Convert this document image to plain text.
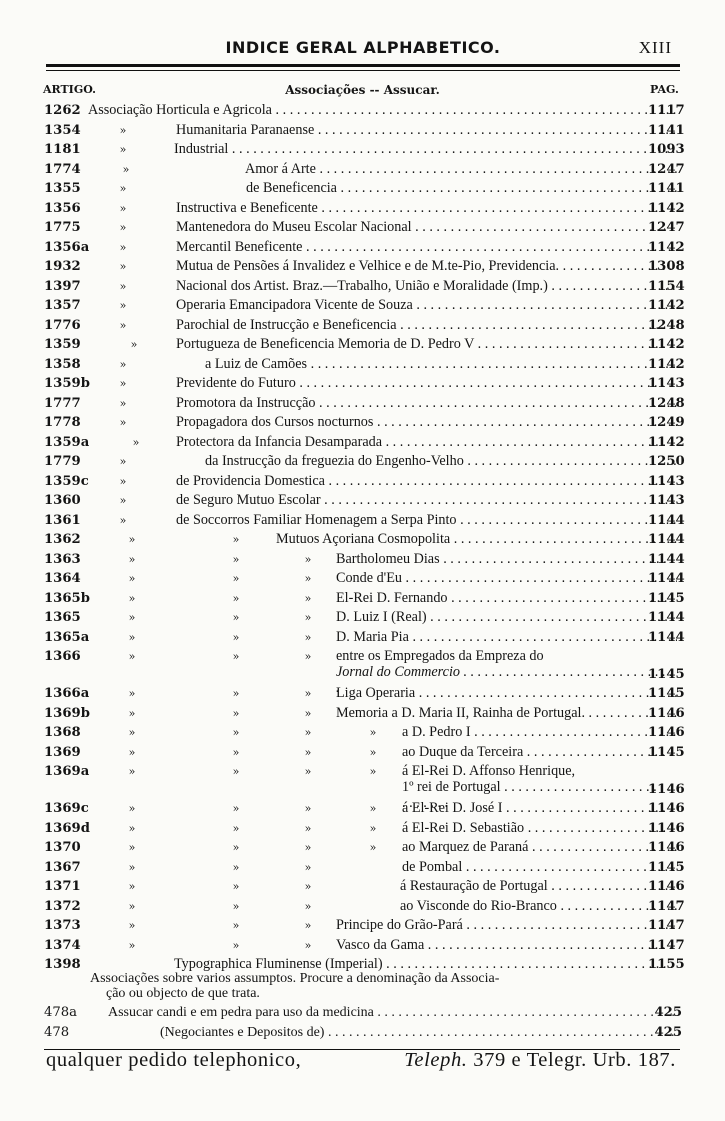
INDICE GERAL ALPHABETICO.	XIII
Associações -- Assucar.
ARTIGO.	PAG.
1262 Associação Horticula e Agricola . . .	1117
1354	»	Humanitaria Paranaense . . .	1141
1181	»	Industrial . . .	1093
1774	»	Amor á Arte . . .	1247
1355	»	de Beneficencia . . .	1141
1356	»	Instructiva e Beneficente . . .	1142
1775	»	Mantenedora do Museu Escolar Nacional . . .	1247
1356a	»	Mercantil Beneficente . . .	1142
1932	»	Mutua de Pensões á Invalidez e Velhice e de M.te-Pio, Previdencia. . . .	1308
1397	»	Nacional dos Artist. Braz.—Trabalho, União e Moralidade (Imp.) . . .	1154
1357	»	Operaria Emancipadora Vicente de Souza . . .	1142
1776	»	Parochial de Instrucção e Beneficencia . . .	1248
1359	»	Portugueza de Beneficencia Memoria de D. Pedro V . . .	1142
1358	»	a Luiz de Camões . . .	1142
1359b	»	Previdente do Futuro . . .	1143
1777	»	Promotora da Instrucção . . .	1248
1778	»	Propagadora dos Cursos nocturnos . . .	1249
1359a	»	Protectora da Infancia Desamparada . . .	1142
1779	»	da Instrucção da freguezia do Engenho-Velho . . .	1250
1359c	»	de Providencia Domestica . . .	1143
1360	»	de Seguro Mutuo Escolar . . .	1143
1361	»	de Soccorros Familiar Homenagem a Serpa Pinto . . .	1144
1362	»	»	Mutuos Açoriana Cosmopolita . . .	1144
1363	»	»	»	Bartholomeu Dias . . .	1144
1364	»	»	»	Conde d'Eu . . .	1144
1365b	»	»	»	El-Rei D. Fernando . . .	1145
1365	»	»	»	D. Luiz I (Real) . . .	1144
1365a	»	»	»	D. Maria Pia . . .	1144
1366	»	»	»	entre os Empregados da Empreza do
Jornal do Commercio . . .	1145
1366a	»	»	»	Liga Operaria . . .	1145
1369b	»	»	»	Memoria a D. Maria II, Rainha de Portugal. . . .	1146
1368	»	»	»	»	a D. Pedro I . . .	1146
1369	»	»	»	»	ao Duque da Terceira . . .	1145
1369a	»	»	»	»	á El-Rei D. Affonso Henrique,
1º rei de Portugal . . .	1146
1369c	»	»	»	»	á El-Rei D. José I . . .	1146
1369d	»	»	»	»	á El-Rei D. Sebastião . . .	1146
1370	»	»	»	»	ao Marquez de Paraná . . .	1146
1367	»	»	»	de Pombal . . .	1145
1371	»	»	»	á Restauração de Portugal . . .	1146
1372	»	»	»	ao Visconde do Rio-Branco . . .	1147
1373	»	»	»	Principe do Grão-Pará . . .	1147
1374	»	»	»	Vasco da Gama . . .	1147
1398	Typographica Fluminense (Imperial) . . .	1155
Associações sobre varios assumptos. Procure a denominação da Associa-
ção ou objecto de que trata.
478a Assucar candi e em pedra para uso da medicina . . .	425
478	(Negociantes e Depositos de) . . .	425
qualquer pedido telephonico,	Teleph. 379 e Telegr. Urb. 187.
